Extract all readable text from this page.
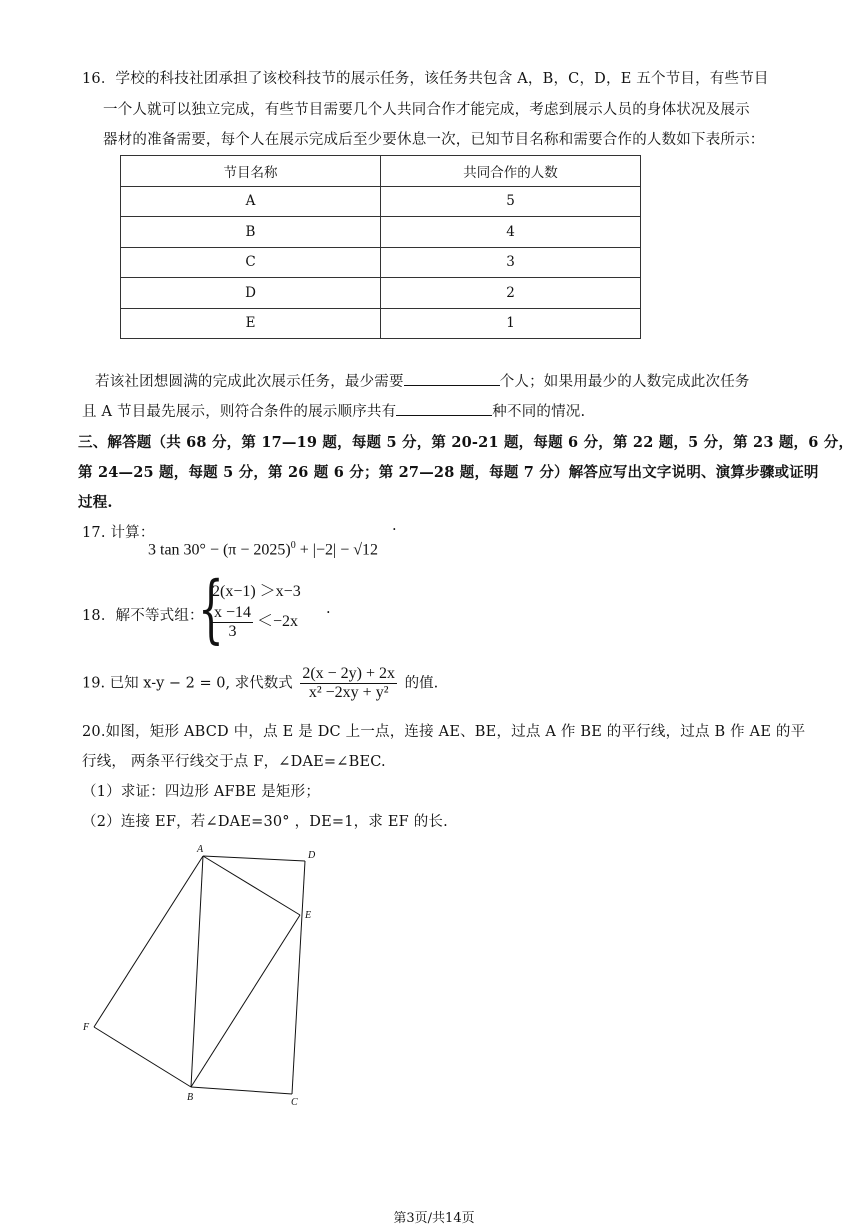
16．学校的科技社团承担了该校科技节的展示任务，该任务共包含 A，B，C，D，E 五个节目，有些节目
一个人就可以独立完成，有些节目需要几个人共同合作才能完成，考虑到展示人员的身体状况及展示
器材的准备需要，每个人在展示完成后至少要休息一次，已知节目名称和需要合作的人数如下表所示：
节目名称	共同合作的人数
A	5
B	4
C	3
D	2
E	1
若该社团想圆满的完成此次展示任务，最少需要	个人；如果用最少的人数完成此次任务
且 A 节目最先展示，则符合条件的展示顺序共有	种不同的情况.
三、解答题（共 68 分，第 17—19 题，每题 5 分，第 20-21 题，每题 6 分，第 22 题，5 分，第 23 题，6 分，
第 24—25 题，每题 5 分，第 26 题 6 分；第 27—28 题，每题 7 分）解答应写出文字说明、演算步骤或证明
过程.
17. 计算：	.
3 $\tan 30^\circ - (\pi - 2025)^0 + |-2| - √12$
18．解不等式组：
{
2(x−1) ＞x−3
$\frac{x -14}{3} <-2x$
.
19. 已知 x-y − 2 = 0, 求代数式 $\frac{2(x - 2y) + 2x}{\text{x² −2xy + y²}}$ 的值.
20.如图，矩形 ABCD 中，点 E 是 DC 上一点，连接 AE、BE，过点 A 作 BE 的平行线，过点 B 作 AE 的平
行线， 两条平行线交于点 F，∠DAE=∠BEC.
（1）求证：四边形 AFBE 是矩形；
（2）连接 EF，若∠DAE=30° ，DE=1，求 EF 的长.
A
D
E
F
B	C
第3页/共14页
